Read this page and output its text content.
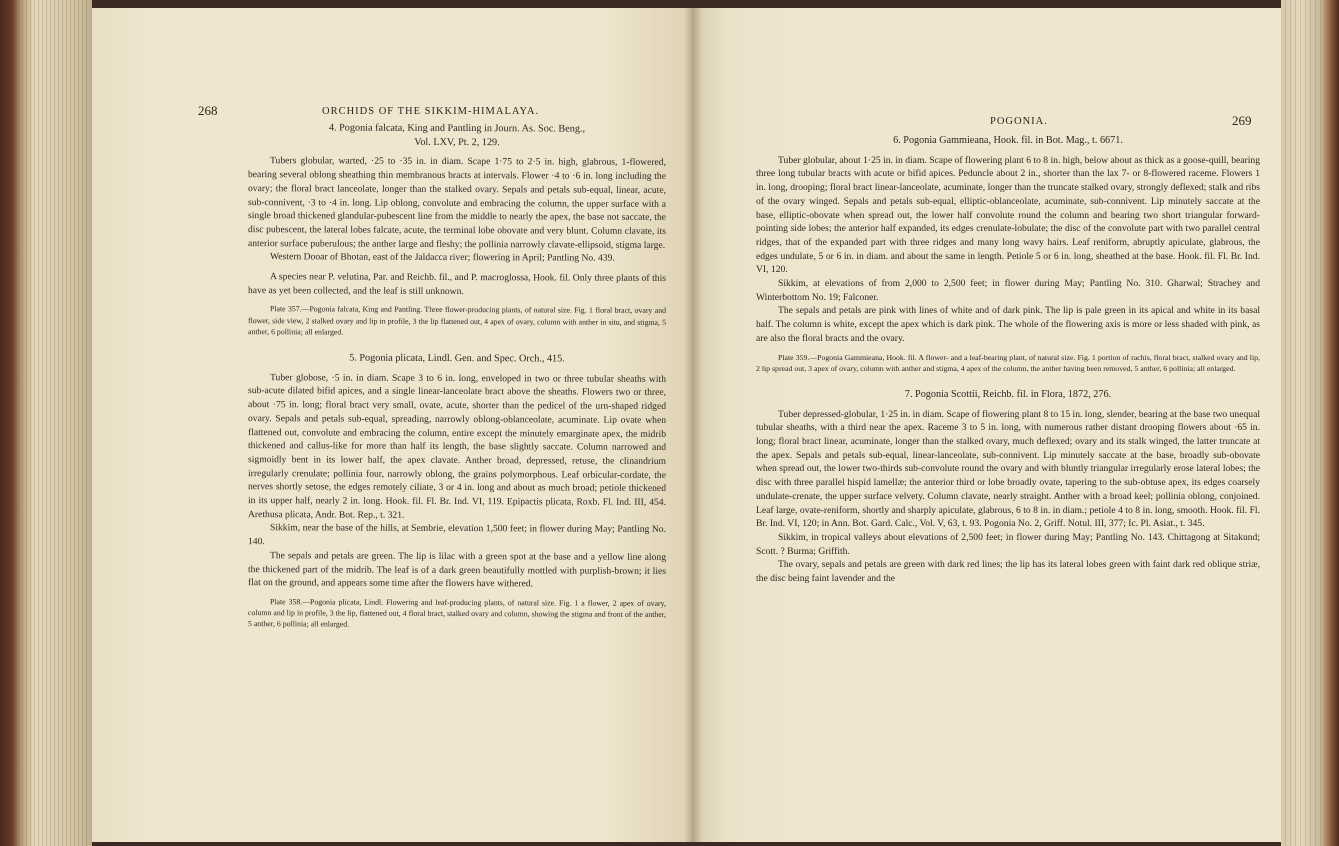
268	ORCHIDS OF THE SIKKIM-HIMALAYA.
4. Pogonia falcata, King and Pantling in Journ. As. Soc. Beng.,
Vol. LXV, Pt. 2, 129.

Tubers globular, warted, ·25 to ·35 in. in diam. Scape 1·75 to 2·5 in. high, glabrous, 1-flowered, bearing several oblong sheathing thin membranous bracts at intervals. Flower ·4 to ·6 in. long including the ovary; the floral bract lanceolate, longer than the stalked ovary. Sepals and petals sub-equal, linear, acute, sub-connivent, ·3 to ·4 in. long. Lip oblong, convolute and embracing the column, the upper surface with a single broad thickened glandular-pubescent line from the middle to nearly the apex, the base not saccate, the disc pubescent, the lateral lobes falcate, acute, the terminal lobe obovate and very blunt. Column clavate, its anterior surface puberulous; the anther large and fleshy; the pollinia narrowly clavate-ellipsoid, stigma large.

Western Dooar of Bhotan, east of the Jaldacca river; flowering in April; Pantling No. 439.

A species near P. velutina, Par. and Reichb. fil., and P. macroglossa, Hook. fil. Only three plants of this have as yet been collected, and the leaf is still unknown.

Plate 357.—Pogonia falcata, King and Pantling. Three flower-producing plants, of natural size. Fig. 1 floral bract, ovary and flower, side view, 2 stalked ovary and lip in profile, 3 the lip flattened out, 4 apex of ovary, column with anther in situ, and stigma, 5 anther, 6 pollinia; all enlarged.

5. Pogonia plicata, Lindl. Gen. and Spec. Orch., 415.

Tuber globose, ·5 in. in diam. Scape 3 to 6 in. long, enveloped in two or three tubular sheaths with sub-acute dilated bifid apices, and a single linear-lanceolate bract above the sheaths. Flowers two or three, about ·75 in. long; floral bract very small, ovate, acute, shorter than the pedicel of the urn-shaped ridged ovary. Sepals and petals sub-equal, spreading, narrowly oblong-oblanceolate, acuminate. Lip ovate when flattened out, convolute and embracing the column, entire except the minutely emarginate apex, the midrib thickened and callus-like for more than half its length, the base slightly saccate. Column narrowed and sigmoidly bent in its lower half, the apex clavate. Anther broad, depressed, retuse, the clinandrium irregularly crenulate; pollinia four, narrowly oblong, the grains polymorphous. Leaf orbicular-cordate, the nerves shortly setose, the edges remotely ciliate, 3 or 4 in. long and about as much broad; petiole thickened in its upper half, nearly 2 in. long. Hook. fil. Fl. Br. Ind. VI, 119. Epipactis plicata, Roxb. Fl. Ind. III, 454. Arethusa plicata, Andr. Bot. Rep., t. 321.

Sikkim, near the base of the hills, at Sembrie, elevation 1,500 feet; in flower during May; Pantling No. 140.

The sepals and petals are green. The lip is lilac with a green spot at the base and a yellow line along the thickened part of the midrib. The leaf is of a dark green beautifully mottled with purplish-brown; it lies flat on the ground, and appears some time after the flowers have withered.

Plate 358.—Pogonia plicata, Lindl. Flowering and leaf-producing plants, of natural size. Fig. 1 a flower, 2 apex of ovary, column and lip in profile, 3 the lip, flattened out, 4 floral bract, stalked ovary and column, showing the stigma and front of the anther, 5 anther, 6 pollinia; all enlarged.

POGONIA.	269
6. Pogonia Gammieana, Hook. fil. in Bot. Mag., t. 6671.

Tuber globular, about 1·25 in. in diam. Scape of flowering plant 6 to 8 in. high, below about as thick as a goose-quill, bearing three long tubular bracts with acute or bifid apices. Peduncle about 2 in., shorter than the lax 7- or 8-flowered raceme. Flowers 1 in. long, drooping; floral bract linear-lanceolate, acuminate, longer than the truncate stalked ovary, strongly deflexed; stalk and ribs of the ovary winged. Sepals and petals sub-equal, elliptic-oblanceolate, acuminate, sub-connivent. Lip minutely saccate at the base, elliptic-obovate when spread out, the lower half convolute round the column and bearing two short triangular forward-pointing side lobes; the anterior half expanded, its edges crenulate-lobulate; the disc of the convolute part with two parallel central ridges, that of the expanded part with three ridges and many long wavy hairs. Leaf reniform, abruptly apiculate, glabrous, the edges undulate, 5 or 6 in. in diam. and about the same in length. Petiole 5 or 6 in. long, sheathed at the base. Hook. fil. Fl. Br. Ind. VI, 120.

Sikkim, at elevations of from 2,000 to 2,500 feet; in flower during May; Pantling No. 310. Gharwal; Strachey and Winterbottom No. 19; Falconer.

The sepals and petals are pink with lines of white and of dark pink. The lip is pale green in its apical and white in its basal half. The column is white, except the apex which is dark pink. The whole of the flowering axis is more or less shaded with pink, as are also the floral bracts and the ovary.

Plate 359.—Pogonia Gammieana, Hook. fil. A flower- and a leaf-bearing plant, of natural size. Fig. 1 portion of rachis, floral bract, stalked ovary and lip, 2 lip spread out, 3 apex of ovary, column with anther and stigma, 4 apex of the column, the anther having been removed, 5 anther, 6 pollinia; all enlarged.

7. Pogonia Scottii, Reichb. fil. in Flora, 1872, 276.

Tuber depressed-globular, 1·25 in. in diam. Scape of flowering plant 8 to 15 in. long, slender, bearing at the base two unequal tubular sheaths, with a third near the apex. Raceme 3 to 5 in. long, with numerous rather distant drooping flowers about ·65 in. long; floral bract linear, acuminate, longer than the stalked ovary, much deflexed; ovary and its stalk winged, the latter truncate at the apex. Sepals and petals sub-equal, linear-lanceolate, sub-connivent. Lip minutely saccate at the base, broadly sub-obovate when spread out, the lower two-thirds sub-convolute round the ovary and with bluntly triangular irregularly erose lateral lobes; the disc with three parallel hispid lamellæ; the anterior third or lobe broadly ovate, tapering to the sub-obtuse apex, its edges coarsely undulate-crenate, the upper surface velvety. Column clavate, nearly straight. Anther with a broad keel; pollinia oblong, conjoined. Leaf large, ovate-reniform, shortly and sharply apiculate, glabrous, 6 to 8 in. in diam.; petiole 4 to 8 in. long, smooth. Hook. fil. Fl. Br. Ind. VI, 120; in Ann. Bot. Gard. Calc., Vol. V, 63, t. 93. Pogonia No. 2, Griff. Notul. III, 377; Ic. Pl. Asiat., t. 345.

Sikkim, in tropical valleys about elevations of 2,500 feet; in flower during May; Pantling No. 143. Chittagong at Sitakund; Scott. ? Burma; Griffith.

The ovary, sepals and petals are green with dark red lines; the lip has its lateral lobes green with faint dark red oblique striæ, the disc being faint lavender and the
